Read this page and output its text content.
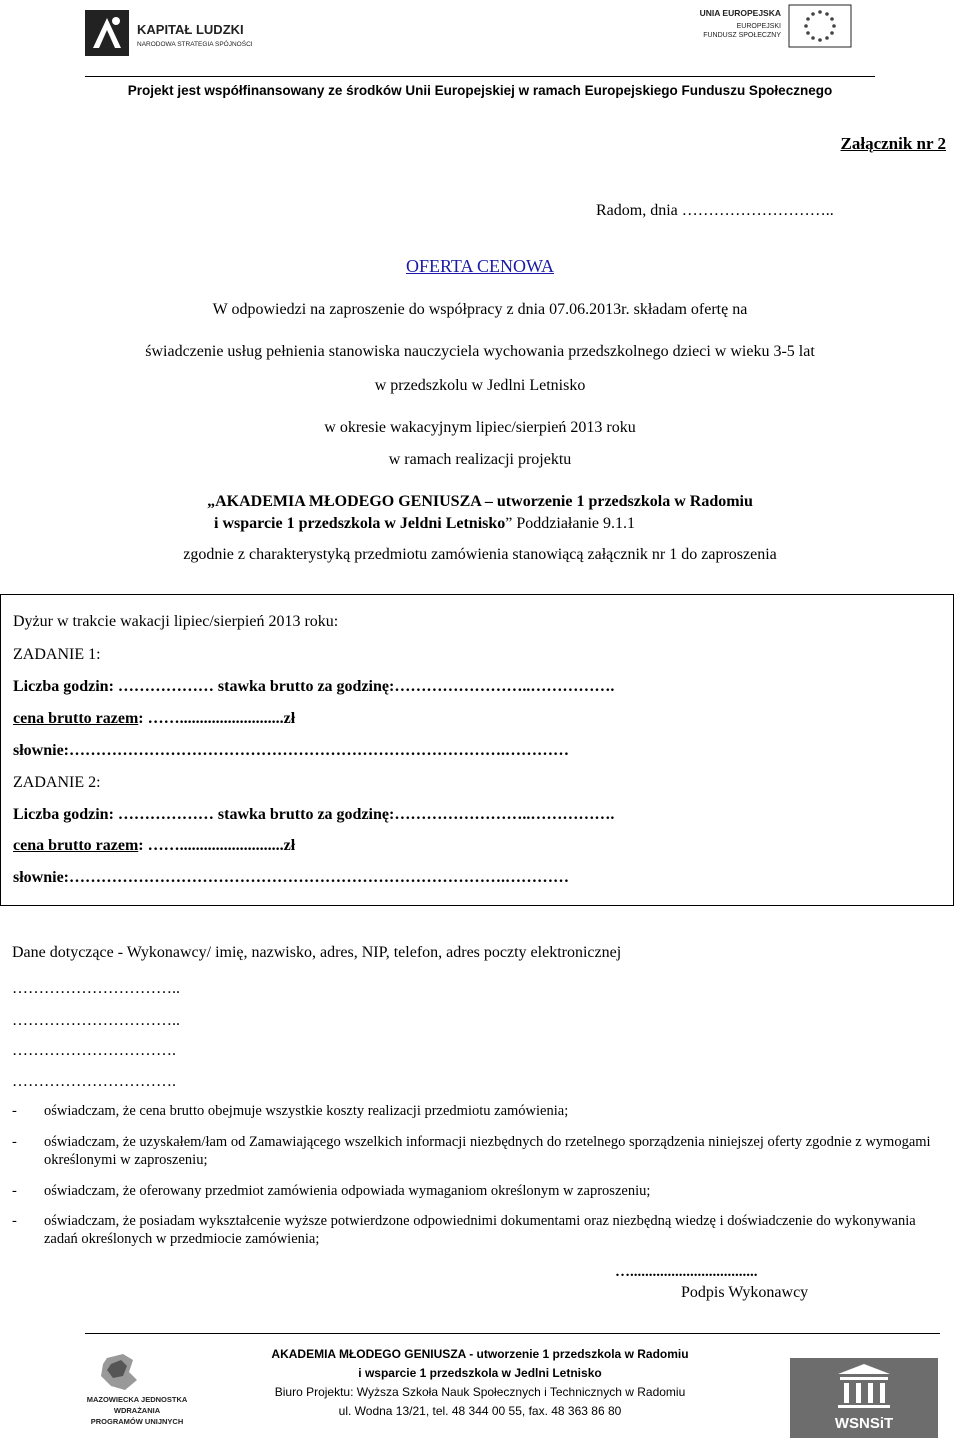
KAPITAŁ LUDZKI
NARODOWA STRATEGIA SPÓJNOŚCI
UNIA EUROPEJSKA
EUROPEJSKI
FUNDUSZ SPOŁECZNY
Projekt jest współfinansowany ze środków Unii Europejskiej w ramach Europejskiego Funduszu Społecznego
Załącznik nr 2
Radom, dnia ………………………..
OFERTA CENOWA
W odpowiedzi na zaproszenie do współpracy z dnia 07.06.2013r. składam ofertę na
świadczenie usług pełnienia stanowiska nauczyciela wychowania przedszkolnego dzieci w wieku 3-5 lat
w przedszkolu w Jedlni Letnisko
w okresie wakacyjnym lipiec/sierpień 2013 roku
w ramach realizacji projektu
„AKADEMIA MŁODEGO GENIUSZA – utworzenie 1 przedszkola w Radomiu
i wsparcie 1 przedszkola w Jeldni Letnisko” Poddziałanie 9.1.1
zgodnie z charakterystyką przedmiotu zamówienia stanowiącą załącznik nr 1 do zaproszenia
Dyżur w trakcie wakacji lipiec/sierpień 2013 roku:
ZADANIE 1:
Liczba godzin: ……………… stawka brutto za godzinę:……………………..…………….
cena brutto razem: ……..........................zł
słownie:……………………………………………………………………….…………
ZADANIE 2:
Liczba godzin: ……………… stawka brutto za godzinę:……………………..…………….
cena brutto razem: ……..........................zł
słownie:……………………………………………………………………….…………
Dane dotyczące - Wykonawcy/ imię, nazwisko, adres, NIP, telefon, adres poczty elektronicznej
…………………………..
…………………………..
………………………….
………………………….
- oświadczam, że cena brutto obejmuje wszystkie koszty realizacji przedmiotu zamówienia;
- oświadczam, że uzyskałem/łam od Zamawiającego wszelkich informacji niezbędnych do rzetelnego sporządzenia niniejszej oferty zgodnie z wymogami określonymi w zaproszeniu;
- oświadczam, że oferowany przedmiot zamówienia odpowiada wymaganiom określonym w zaproszeniu;
- oświadczam, że posiadam wykształcenie wyższe potwierdzone odpowiednimi dokumentami oraz niezbędną wiedzę i doświadczenie do wykonywania zadań określonych w przedmiocie zamówienia;
…..................................
Podpis Wykonawcy
MAZOWIECKA JEDNOSTKA
WDRAŻANIA
PROGRAMÓW UNIJNYCH
AKADEMIA MŁODEGO GENIUSZA - utworzenie 1 przedszkola w Radomiu
i wsparcie 1 przedszkola w Jedlni Letnisko
Biuro Projektu: Wyższa Szkoła Nauk Społecznych i Technicznych w Radomiu
ul. Wodna 13/21, tel. 48 344 00 55, fax. 48 363 86 80
WSNSiT
